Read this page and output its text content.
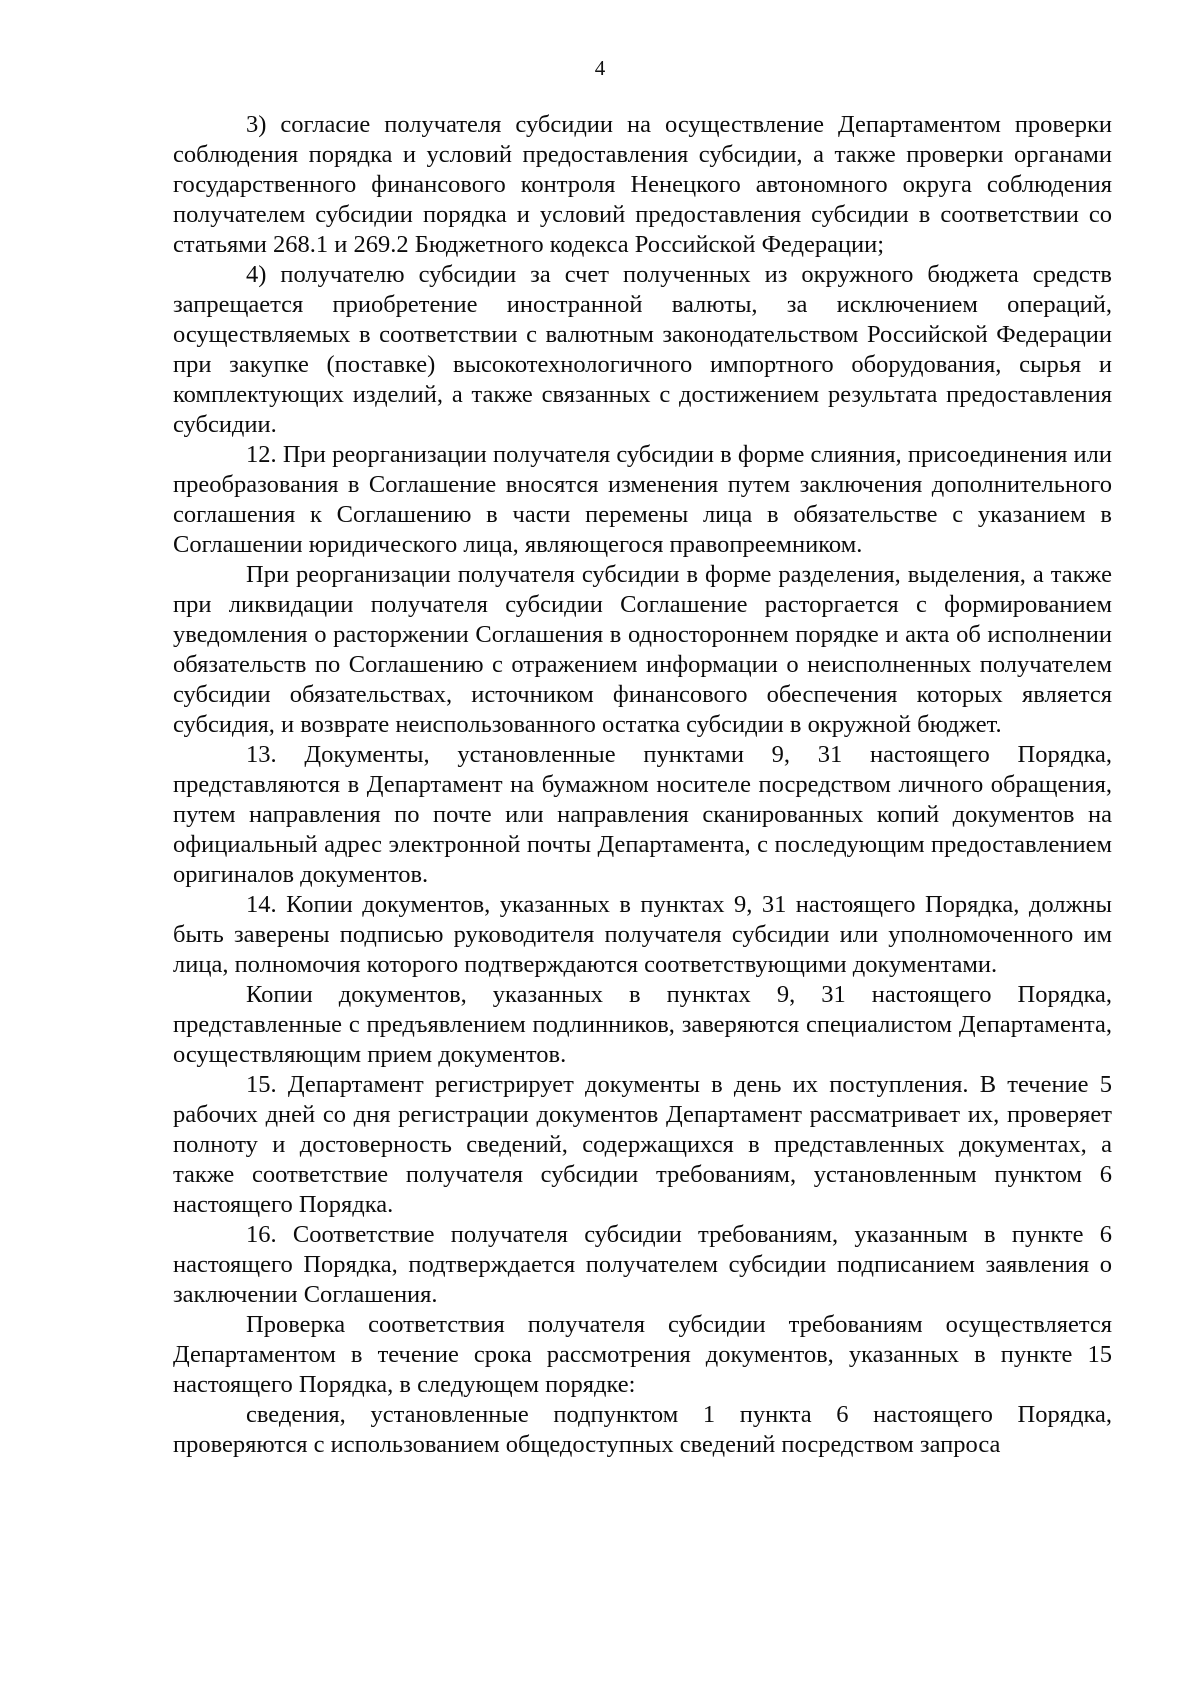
4

3) согласие получателя субсидии на осуществление Департаментом проверки соблюдения порядка и условий предоставления субсидии, а также проверки органами государственного финансового контроля Ненецкого автономного округа соблюдения получателем субсидии порядка и условий предоставления субсидии в соответствии со статьями 268.1 и 269.2 Бюджетного кодекса Российской Федерации;

4) получателю субсидии за счет полученных из окружного бюджета средств запрещается приобретение иностранной валюты, за исключением операций, осуществляемых в соответствии с валютным законодательством Российской Федерации при закупке (поставке) высокотехнологичного импортного оборудования, сырья и комплектующих изделий, а также связанных с достижением результата предоставления субсидии.

12. При реорганизации получателя субсидии в форме слияния, присоединения или преобразования в Соглашение вносятся изменения путем заключения дополнительного соглашения к Соглашению в части перемены лица в обязательстве с указанием в Соглашении юридического лица, являющегося правопреемником.

При реорганизации получателя субсидии в форме разделения, выделения, а также при ликвидации получателя субсидии Соглашение расторгается с формированием уведомления о расторжении Соглашения в одностороннем порядке и акта об исполнении обязательств по Соглашению с отражением информации о неисполненных получателем субсидии обязательствах, источником финансового обеспечения которых является субсидия, и возврате неиспользованного остатка субсидии в окружной бюджет.

13. Документы, установленные пунктами 9, 31 настоящего Порядка, представляются в Департамент на бумажном носителе посредством личного обращения, путем направления по почте или направления сканированных копий документов на официальный адрес электронной почты Департамента, с последующим предоставлением оригиналов документов.

14. Копии документов, указанных в пунктах 9, 31 настоящего Порядка, должны быть заверены подписью руководителя получателя субсидии или уполномоченного им лица, полномочия которого подтверждаются соответствующими документами.

Копии документов, указанных в пунктах 9, 31 настоящего Порядка, представленные с предъявлением подлинников, заверяются специалистом Департамента, осуществляющим прием документов.

15. Департамент регистрирует документы в день их поступления. В течение 5 рабочих дней со дня регистрации документов Департамент рассматривает их, проверяет полноту и достоверность сведений, содержащихся в представленных документах, а также соответствие получателя субсидии требованиям, установленным пунктом 6 настоящего Порядка.

16. Соответствие получателя субсидии требованиям, указанным в пункте 6 настоящего Порядка, подтверждается получателем субсидии подписанием заявления о заключении Соглашения.

Проверка соответствия получателя субсидии требованиям осуществляется Департаментом в течение срока рассмотрения документов, указанных в пункте 15 настоящего Порядка, в следующем порядке:

сведения, установленные подпунктом 1 пункта 6 настоящего Порядка, проверяются с использованием общедоступных сведений посредством запроса
